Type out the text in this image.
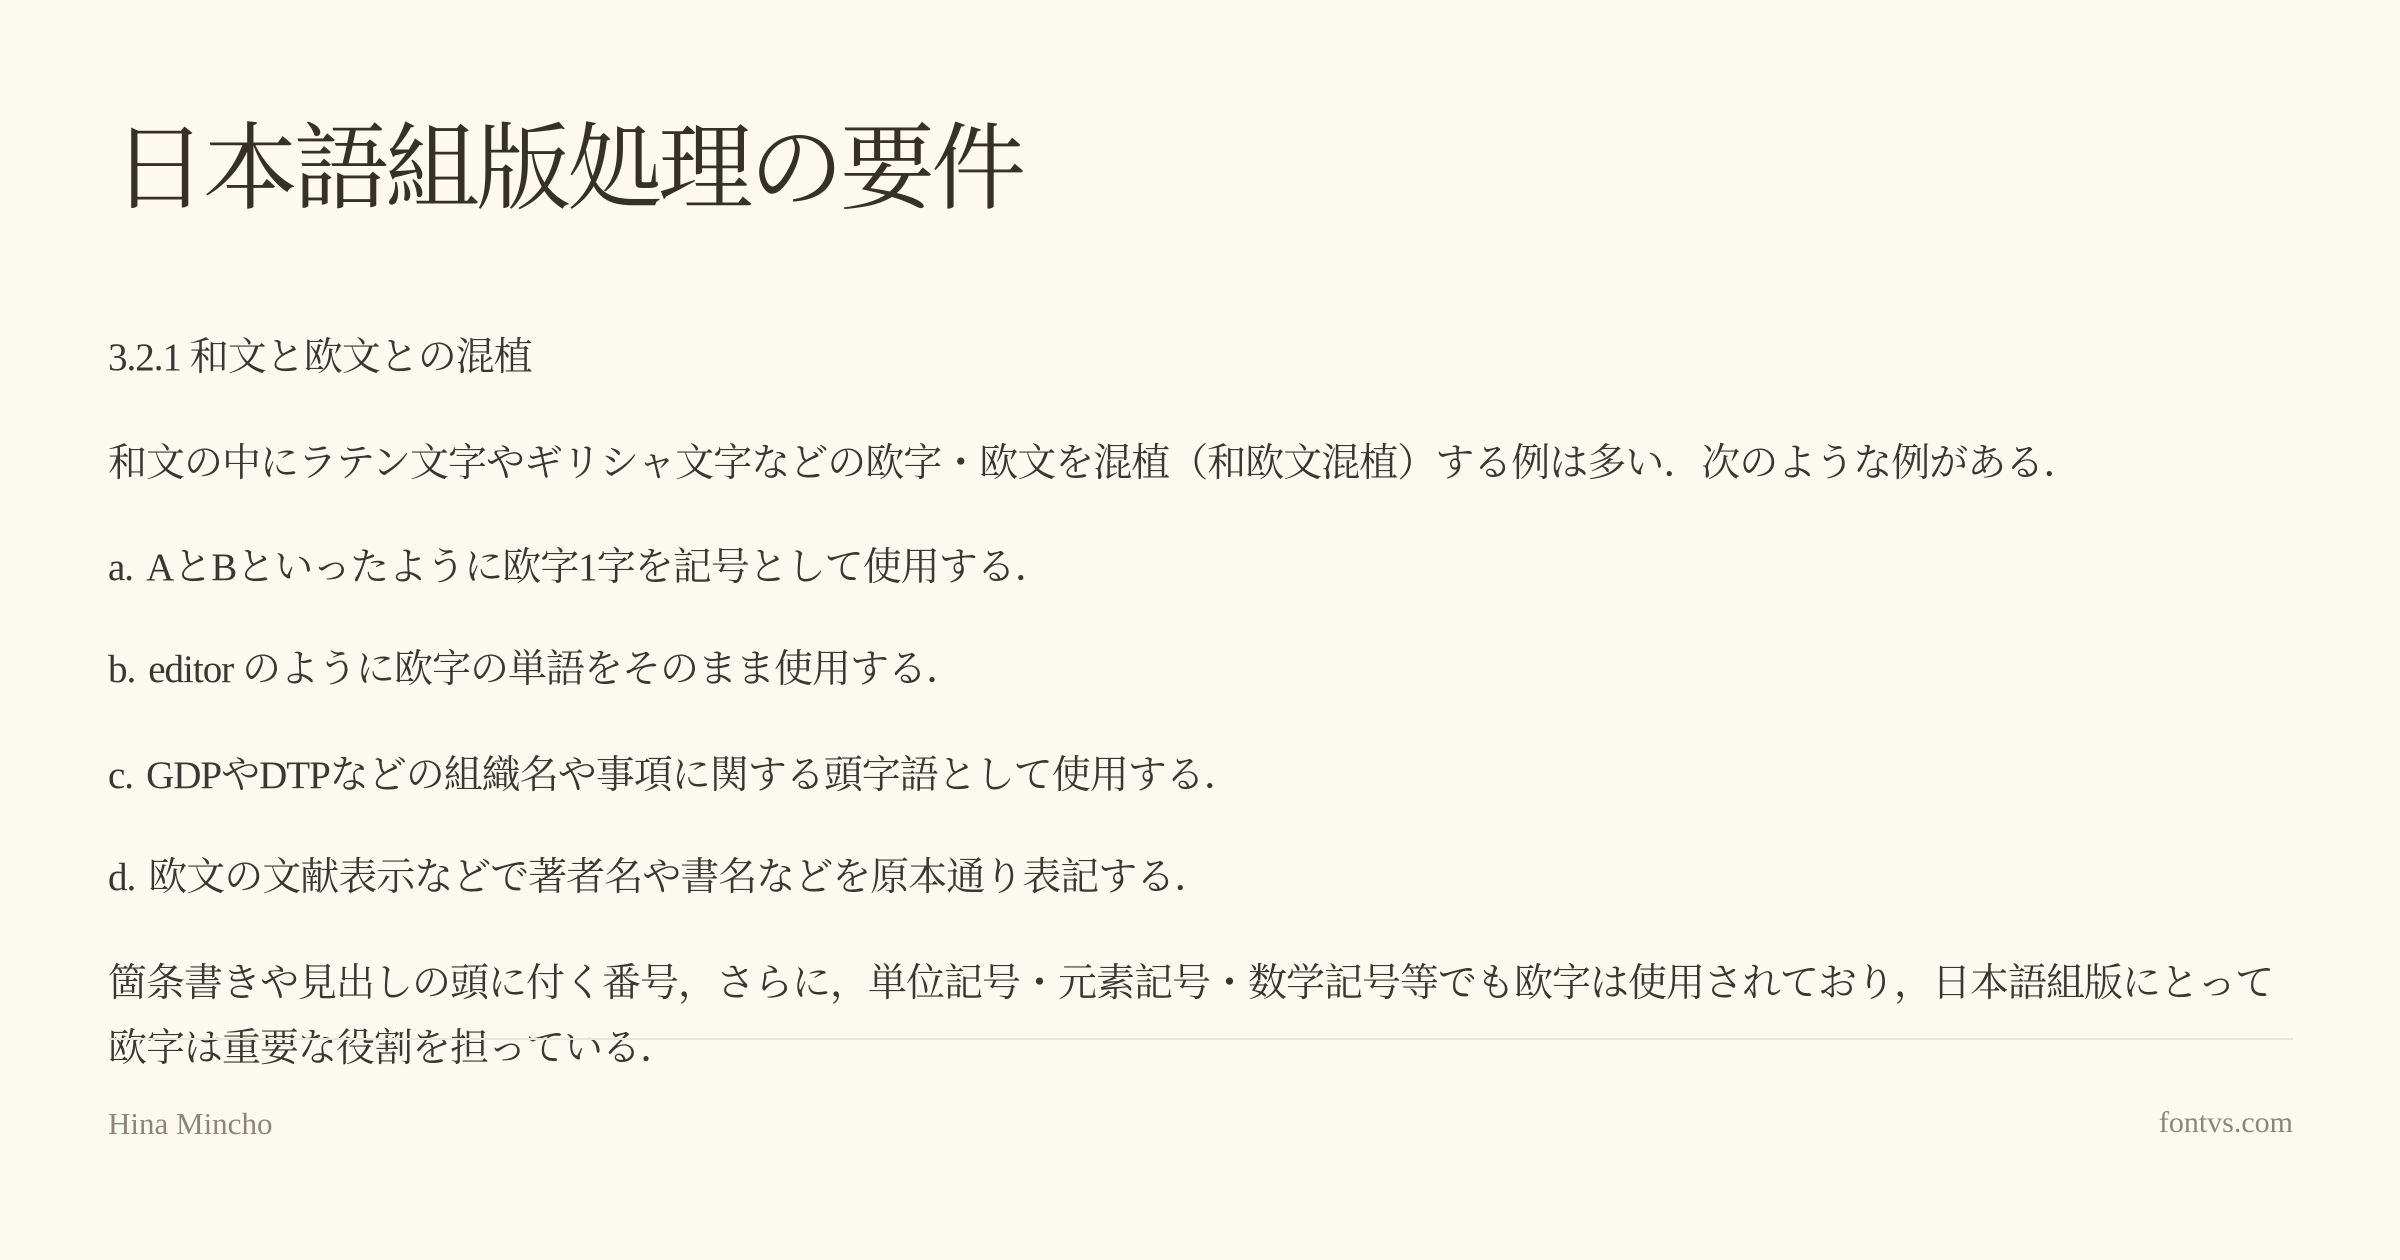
日本語組版処理の要件
3.2.1 和文と欧文との混植
和文の中にラテン文字やギリシャ文字などの欧字・欧文を混植（和欧文混植）する例は多い．次のような例がある．
a. AとBといったように欧字1字を記号として使用する．
b. editor のように欧字の単語をそのまま使用する．
c. GDPやDTPなどの組織名や事項に関する頭字語として使用する．
d. 欧文の文献表示などで著者名や書名などを原本通り表記する．
箇条書きや見出しの頭に付く番号，さらに，単位記号・元素記号・数学記号等でも欧字は使用されており，日本語組版にとって
欧字は重要な役割を担っている．
Hina Mincho	fontvs.com
